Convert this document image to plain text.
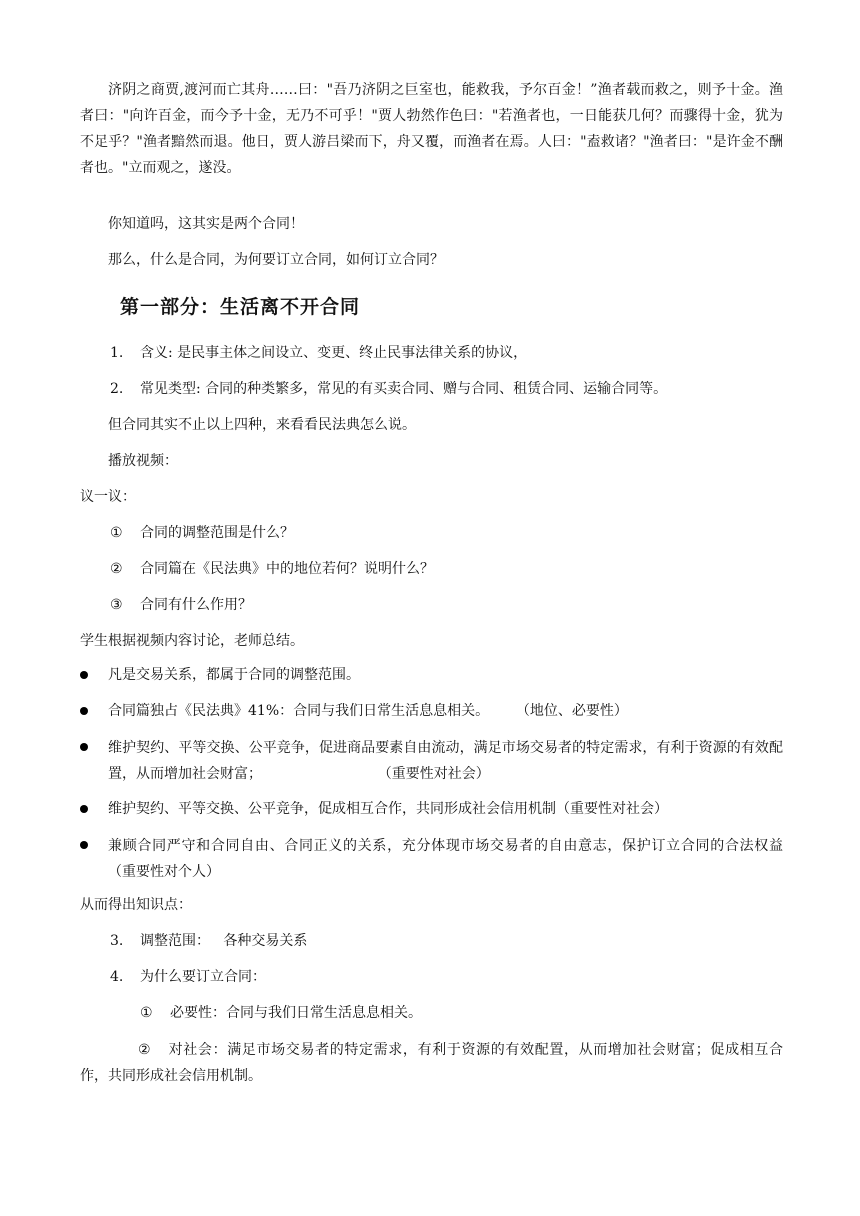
济阴之商贾,渡河而亡其舟……曰："吾乃济阴之巨室也，能救我，予尔百金！”渔者载而救之，则予十金。渔者曰："向许百金，而今予十金，无乃不可乎！"贾人勃然作色曰："若渔者也，一日能获几何？而骤得十金，犹为不足乎？"渔者黯然而退。他日，贾人游吕梁而下，舟又覆，而渔者在焉。人曰："盍救诸？"渔者曰："是许金不酬者也。"立而观之，遂没。
你知道吗，这其实是两个合同！
那么，什么是合同，为何要订立合同，如何订立合同？
第一部分：生活离不开合同
1. 含义: 是民事主体之间设立、变更、终止民事法律关系的协议，
2. 常见类型: 合同的种类繁多，常见的有买卖合同、赠与合同、租赁合同、运输合同等。
但合同其实不止以上四种，来看看民法典怎么说。
播放视频：
议一议：
① 合同的调整范围是什么？
② 合同篇在《民法典》中的地位若何？说明什么？
③ 合同有什么作用？
学生根据视频内容讨论，老师总结。
凡是交易关系，都属于合同的调整范围。
合同篇独占《民法典》41%：合同与我们日常生活息息相关。      （地位、必要性）
维护契约、平等交换、公平竞争，促进商品要素自由流动，满足市场交易者的特定需求，有利于资源的有效配置，从而增加社会财富；                          （重要性对社会）
维护契约、平等交换、公平竞争，促成相互合作，共同形成社会信用机制（重要性对社会）
兼顾合同严守和合同自由、合同正义的关系，充分体现市场交易者的自由意志，保护订立合同的合法权益        （重要性对个人）
从而得出知识点：
3. 调整范围：   各种交易关系
4. 为什么要订立合同：
① 必要性：合同与我们日常生活息息相关。
② 对社会：满足市场交易者的特定需求，有利于资源的有效配置，从而增加社会财富；促成相互合作，共同形成社会信用机制。
